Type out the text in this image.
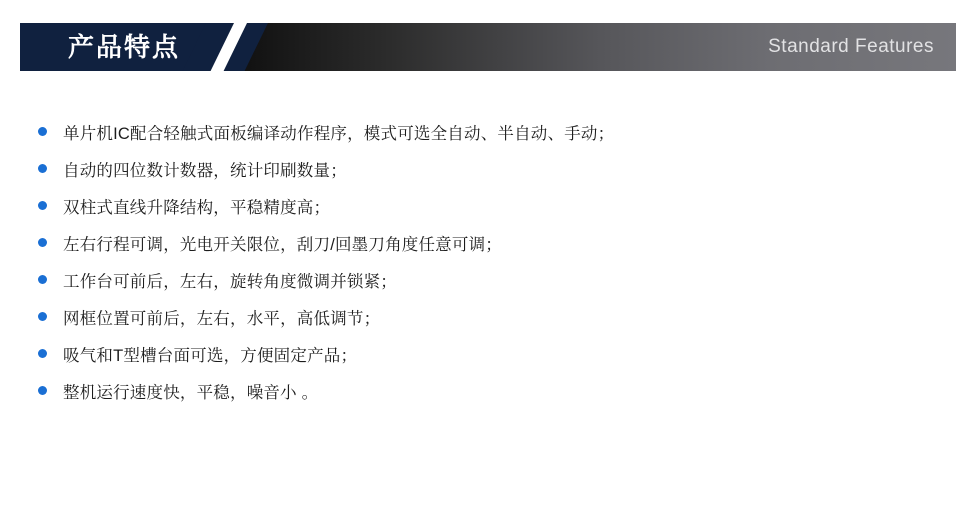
产品特点	Standard Features
单片机IC配合轻触式面板编译动作程序，模式可选全自动、半自动、手动；
自动的四位数计数器，统计印刷数量；
双柱式直线升降结构，平稳精度高；
左右行程可调，光电开关限位，刮刀/回墨刀角度任意可调；
工作台可前后，左右，旋转角度微调并锁紧；
网框位置可前后，左右，水平，高低调节；
吸气和T型槽台面可选，方便固定产品；
整机运行速度快，平稳，噪音小 。
